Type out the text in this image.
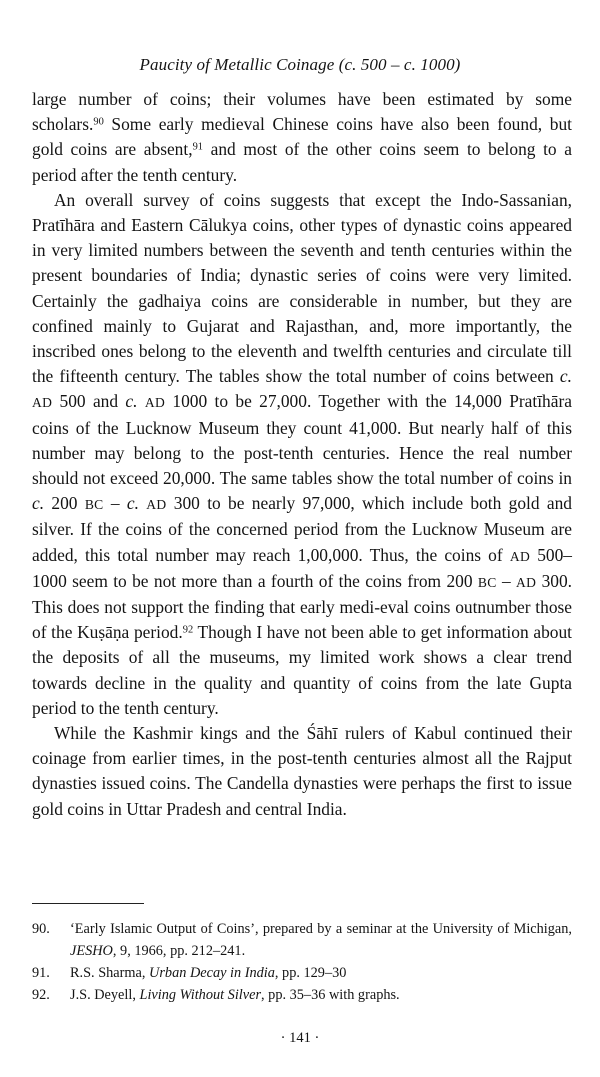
Paucity of Metallic Coinage (c. 500 – c. 1000)

large number of coins; their volumes have been estimated by some scholars.$^{90}$ Some early medieval Chinese coins have also been found, but gold coins are absent,$^{91}$ and most of the other coins seem to belong to a period after the tenth century.

An overall survey of coins suggests that except the Indo-Sassanian, Pratīhāra and Eastern Cālukya coins, other types of dynastic coins appeared in very limited numbers between the seventh and tenth centuries within the present boundaries of India; dynastic series of coins were very limited. Certainly the gadhaiya coins are considerable in number, but they are confined mainly to Gujarat and Rajasthan, and, more importantly, the inscribed ones belong to the eleventh and twelfth centuries and circulate till the fifteenth century. The tables show the total number of coins between c. AD 500 and c. AD 1000 to be 27,000. Together with the 14,000 Pratīhāra coins of the Lucknow Museum they count 41,000. But nearly half of this number may belong to the post-tenth centuries. Hence the real number should not exceed 20,000. The same tables show the total number of coins in c. 200 BC – c. AD 300 to be nearly 97,000, which include both gold and silver. If the coins of the concerned period from the Lucknow Museum are added, this total number may reach 1,00,000. Thus, the coins of AD 500–1000 seem to be not more than a fourth of the coins from 200 BC – AD 300. This does not support the finding that early medi-eval coins outnumber those of the Kuṣāṇa period.$^{92}$ Though I have not been able to get information about the deposits of all the museums, my limited work shows a clear trend towards decline in the quality and quantity of coins from the late Gupta period to the tenth century.

While the Kashmir kings and the Śāhī rulers of Kabul continued their coinage from earlier times, in the post-tenth centuries almost all the Rajput dynasties issued coins. The Candella dynasties were perhaps the first to issue gold coins in Uttar Pradesh and central India.

90.	‘Early Islamic Output of Coins’, prepared by a seminar at the University of Michigan, JESHO, 9, 1966, pp. 212–241.
91.	R.S. Sharma, Urban Decay in India, pp. 129–30
92.	J.S. Deyell, Living Without Silver, pp. 35–36 with graphs.
· 141 ·
